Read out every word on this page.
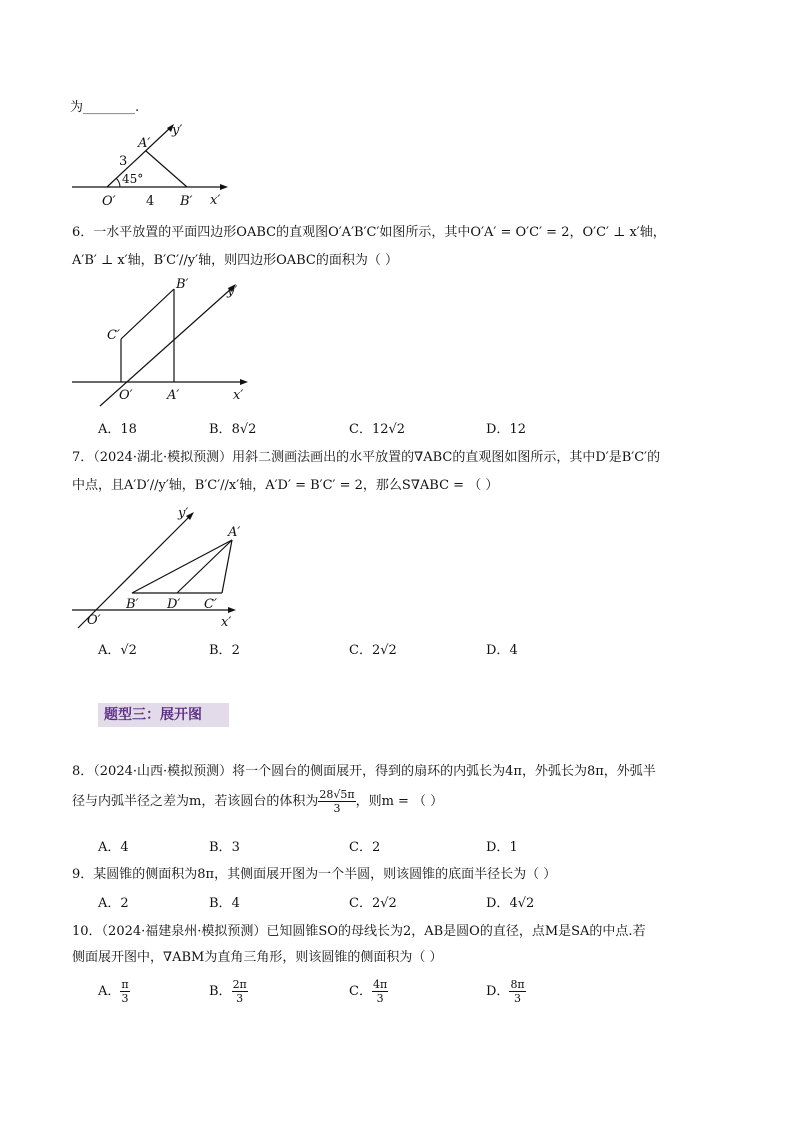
为________.
A′
y′
x′
O′	B′
3
4
45°
6．一水平放置的平面四边形OABC的直观图O′A′B′C′如图所示，其中O′A′ = O′C′ = 2，O′C′ ⊥ x′轴，
A′B′ ⊥ x′轴，B′C′//y′轴，则四边形OABC的面积为（ ）
B′	y′
C′
O′	A′	x′
A．18	B．8√2	C．12√2	D．12
7．（2024·湖北·模拟预测）用斜二测画法画出的水平放置的∇ABC的直观图如图所示，其中D′是B′C′的
中点，且A′D′//y′轴，B′C′//x′轴，A′D′ = B′C′ = 2，那么S∇ABC = （ ）
y′
A′
B′ D′ C′
O′	x′
A．√2	B．2	C．2√2	D．4
题型三：展开图
8．（2024·山西·模拟预测）将一个圆台的侧面展开，得到的扇环的内弧长为4π，外弧长为8π，外弧半
径与内弧半径之差为m，若该圆台的体积为 $\frac{28√5\pi}{3}$ ，则m = （ ）
A．4	B．3	C．2	D．1
9．某圆锥的侧面积为8π，其侧面展开图为一个半圆，则该圆锥的底面半径长为（ ）
A．2	B．4	C．2√2	D．4√2
10．（2024·福建泉州·模拟预测）已知圆锥SO的母线长为2，AB是圆O的直径，点M是SA的中点.若
侧面展开图中，∇ABM为直角三角形，则该圆锥的侧面积为（ ）
A． $\frac{\pi}{3}$	B． $\frac{2\pi}{3}$	C． $\frac{4\pi}{3}$	D． $\frac{8\pi}{3}$
